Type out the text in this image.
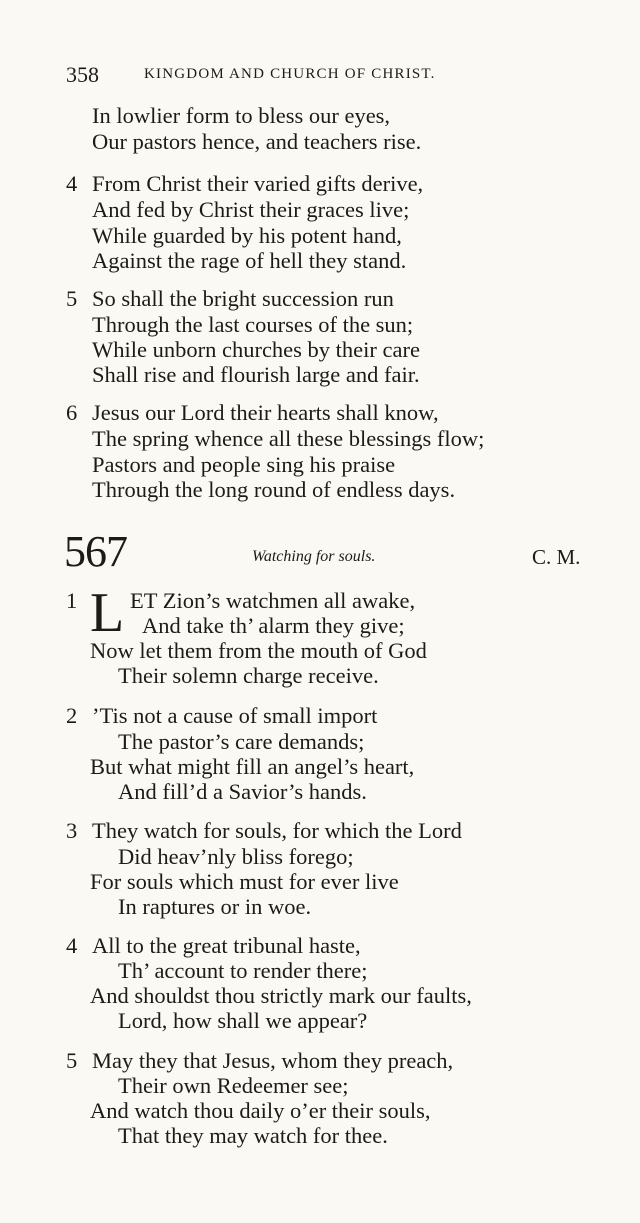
358	KINGDOM AND CHURCH OF CHRIST.
In lowlier form to bless our eyes,
Our pastors hence, and teachers rise.
4 From Christ their varied gifts derive,
And fed by Christ their graces live;
While guarded by his potent hand,
Against the rage of hell they stand.
5 So shall the bright succession run
Through the last courses of the sun;
While unborn churches by their care
Shall rise and flourish large and fair.
6 Jesus our Lord their hearts shall know,
The spring whence all these blessings flow;
Pastors and people sing his praise
Through the long round of endless days.
567	Watching for souls.	C. M.
1 L ET Zion’s watchmen all awake,
And take th’ alarm they give;
Now let them from the mouth of God
Their solemn charge receive.
2 ’Tis not a cause of small import
The pastor’s care demands;
But what might fill an angel’s heart,
And fill’d a Savior’s hands.
3 They watch for souls, for which the Lord
Did heav’nly bliss forego;
For souls which must for ever live
In raptures or in woe.
4 All to the great tribunal haste,
Th’ account to render there;
And shouldst thou strictly mark our faults,
Lord, how shall we appear?
5 May they that Jesus, whom they preach,
Their own Redeemer see;
And watch thou daily o’er their souls,
That they may watch for thee.
